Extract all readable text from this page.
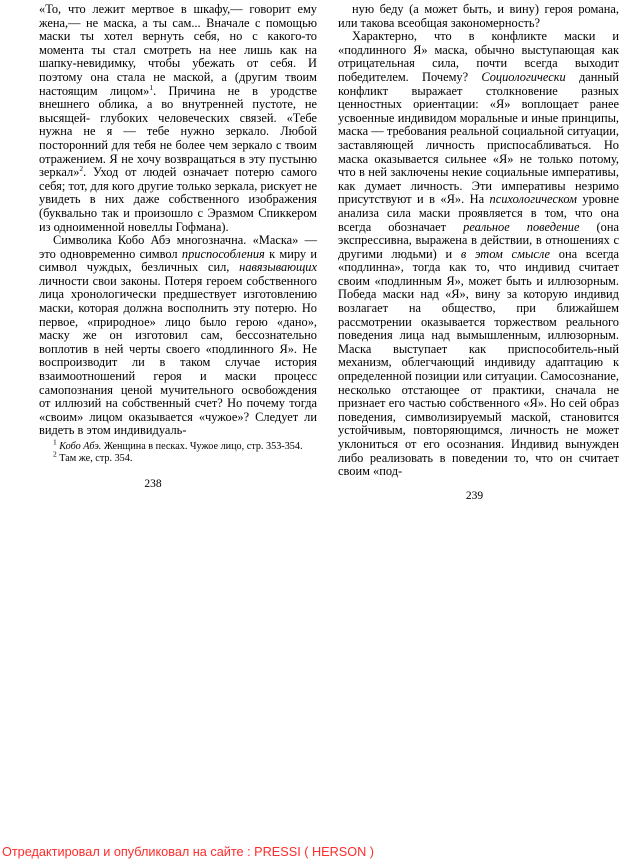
«То, что лежит мертвое в шкафу,— говорит ему жена,— не маска, а ты сам... Вначале с помощью маски ты хотел вернуть себя, но с какого-то момента ты стал смотреть на нее лишь как на шапку-невидимку, чтобы убежать от себя. И поэтому она стала не маской, а (другим твоим настоящим лицом»$^1$. Причина не в уродстве внешнего облика, а во внутренней пустоте, не высящей- глубоких человеческих связей. «Тебе нужна не я — тебе нужно зеркало. Любой посторонний для тебя не более чем зеркало с твоим отражением. Я не хочу возвращаться в эту пустыню зеркал»$^2$. Уход от людей означает потерю самого себя; тот, для кого другие только зеркала, рискует не увидеть в них даже собственного изображения (буквально так и произошло с Эразмом Спиккером из одноименной новеллы Гофмана).

Символика Кобо Абэ многозначна. «Маска» — это одновременно символ приспособления к миру и символ чуждых, безличных сил, навязывающих личности свои законы. Потеря героем собственного лица хронологически предшествует изготовлению маски, которая должна восполнить эту потерю. Но первое, «природное» лицо было герою «дано», маску же он изготовил сам, бессознательно воплотив в ней черты своего «подлинного Я». Не воспроизводит ли в таком случае история взаимоотношений героя и маски процесс самопознания ценой мучительного освобождения от иллюзий на собственный счет? Но почему тогда «своим» лицом оказывается «чужое»? Следует ли видеть в этом индивидуаль-

$^1$ Кобо Абэ. Женщина в песках. Чужое лицо, стр. 353-354.

$^2$ Там же, стр. 354.

238

ную беду (а может быть, и вину) героя романа, или такова всеобщая закономерность?

Характерно, что в конфликте маски и «подлинного Я» маска, обычно выступающая как отрицательная сила, почти всегда выходит победителем. Почему? Социологически данный конфликт выражает столкновение разных ценностных ориентации: «Я» воплощает ранее усвоенные индивидом моральные и иные принципы, маска — требования реальной социальной ситуации, заставляющей личность приспосабливаться. Но маска оказывается сильнее «Я» не только потому, что в ней заключены некие социальные императивы, как думает личность. Эти императивы незримо присутствуют и в «Я». На психологическом уровне анализа сила маски проявляется в том, что она всегда обозначает реальное поведение (она экспрессивна, выражена в действии, в отношениях с другими людьми) и в этом смысле она всегда «подлинна», тогда как то, что индивид считает своим «подлинным Я», может быть и иллюзорным. Победа маски над «Я», вину за которую индивид возлагает на общество, при ближайшем рассмотрении оказывается торжеством реального поведения лица над вымышленным, иллюзорным. Маска выступает как приспособитель-ный механизм, облегчающий индивиду адаптацию к определенной позиции или ситуации. Самосознание, несколько отстающее от практики, сначала не признает его частью собственного «Я». Но сей образ поведения, символизируемый маской, становится устойчивым, повторяющимся, личность не может уклониться от его осознания. Индивид вынужден либо реализовать в поведении то, что он считает своим «под-

239
Отредактировал и опубликовал на сайте : PRESSI ( HERSON )
